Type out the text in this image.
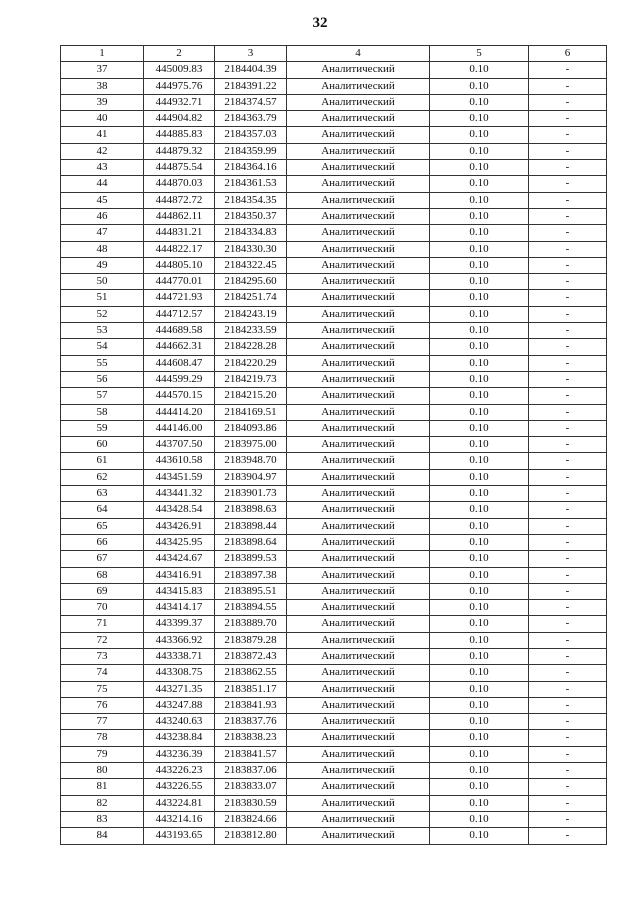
32
1	2	3	4	5	6
37	445009.83	2184404.39	Аналитический	0.10	-
38	444975.76	2184391.22	Аналитический	0.10	-
39	444932.71	2184374.57	Аналитический	0.10	-
40	444904.82	2184363.79	Аналитический	0.10	-
41	444885.83	2184357.03	Аналитический	0.10	-
42	444879.32	2184359.99	Аналитический	0.10	-
43	444875.54	2184364.16	Аналитический	0.10	-
44	444870.03	2184361.53	Аналитический	0.10	-
45	444872.72	2184354.35	Аналитический	0.10	-
46	444862.11	2184350.37	Аналитический	0.10	-
47	444831.21	2184334.83	Аналитический	0.10	-
48	444822.17	2184330.30	Аналитический	0.10	-
49	444805.10	2184322.45	Аналитический	0.10	-
50	444770.01	2184295.60	Аналитический	0.10	-
51	444721.93	2184251.74	Аналитический	0.10	-
52	444712.57	2184243.19	Аналитический	0.10	-
53	444689.58	2184233.59	Аналитический	0.10	-
54	444662.31	2184228.28	Аналитический	0.10	-
55	444608.47	2184220.29	Аналитический	0.10	-
56	444599.29	2184219.73	Аналитический	0.10	-
57	444570.15	2184215.20	Аналитический	0.10	-
58	444414.20	2184169.51	Аналитический	0.10	-
59	444146.00	2184093.86	Аналитический	0.10	-
60	443707.50	2183975.00	Аналитический	0.10	-
61	443610.58	2183948.70	Аналитический	0.10	-
62	443451.59	2183904.97	Аналитический	0.10	-
63	443441.32	2183901.73	Аналитический	0.10	-
64	443428.54	2183898.63	Аналитический	0.10	-
65	443426.91	2183898.44	Аналитический	0.10	-
66	443425.95	2183898.64	Аналитический	0.10	-
67	443424.67	2183899.53	Аналитический	0.10	-
68	443416.91	2183897.38	Аналитический	0.10	-
69	443415.83	2183895.51	Аналитический	0.10	-
70	443414.17	2183894.55	Аналитический	0.10	-
71	443399.37	2183889.70	Аналитический	0.10	-
72	443366.92	2183879.28	Аналитический	0.10	-
73	443338.71	2183872.43	Аналитический	0.10	-
74	443308.75	2183862.55	Аналитический	0.10	-
75	443271.35	2183851.17	Аналитический	0.10	-
76	443247.88	2183841.93	Аналитический	0.10	-
77	443240.63	2183837.76	Аналитический	0.10	-
78	443238.84	2183838.23	Аналитический	0.10	-
79	443236.39	2183841.57	Аналитический	0.10	-
80	443226.23	2183837.06	Аналитический	0.10	-
81	443226.55	2183833.07	Аналитический	0.10	-
82	443224.81	2183830.59	Аналитический	0.10	-
83	443214.16	2183824.66	Аналитический	0.10	-
84	443193.65	2183812.80	Аналитический	0.10	-
